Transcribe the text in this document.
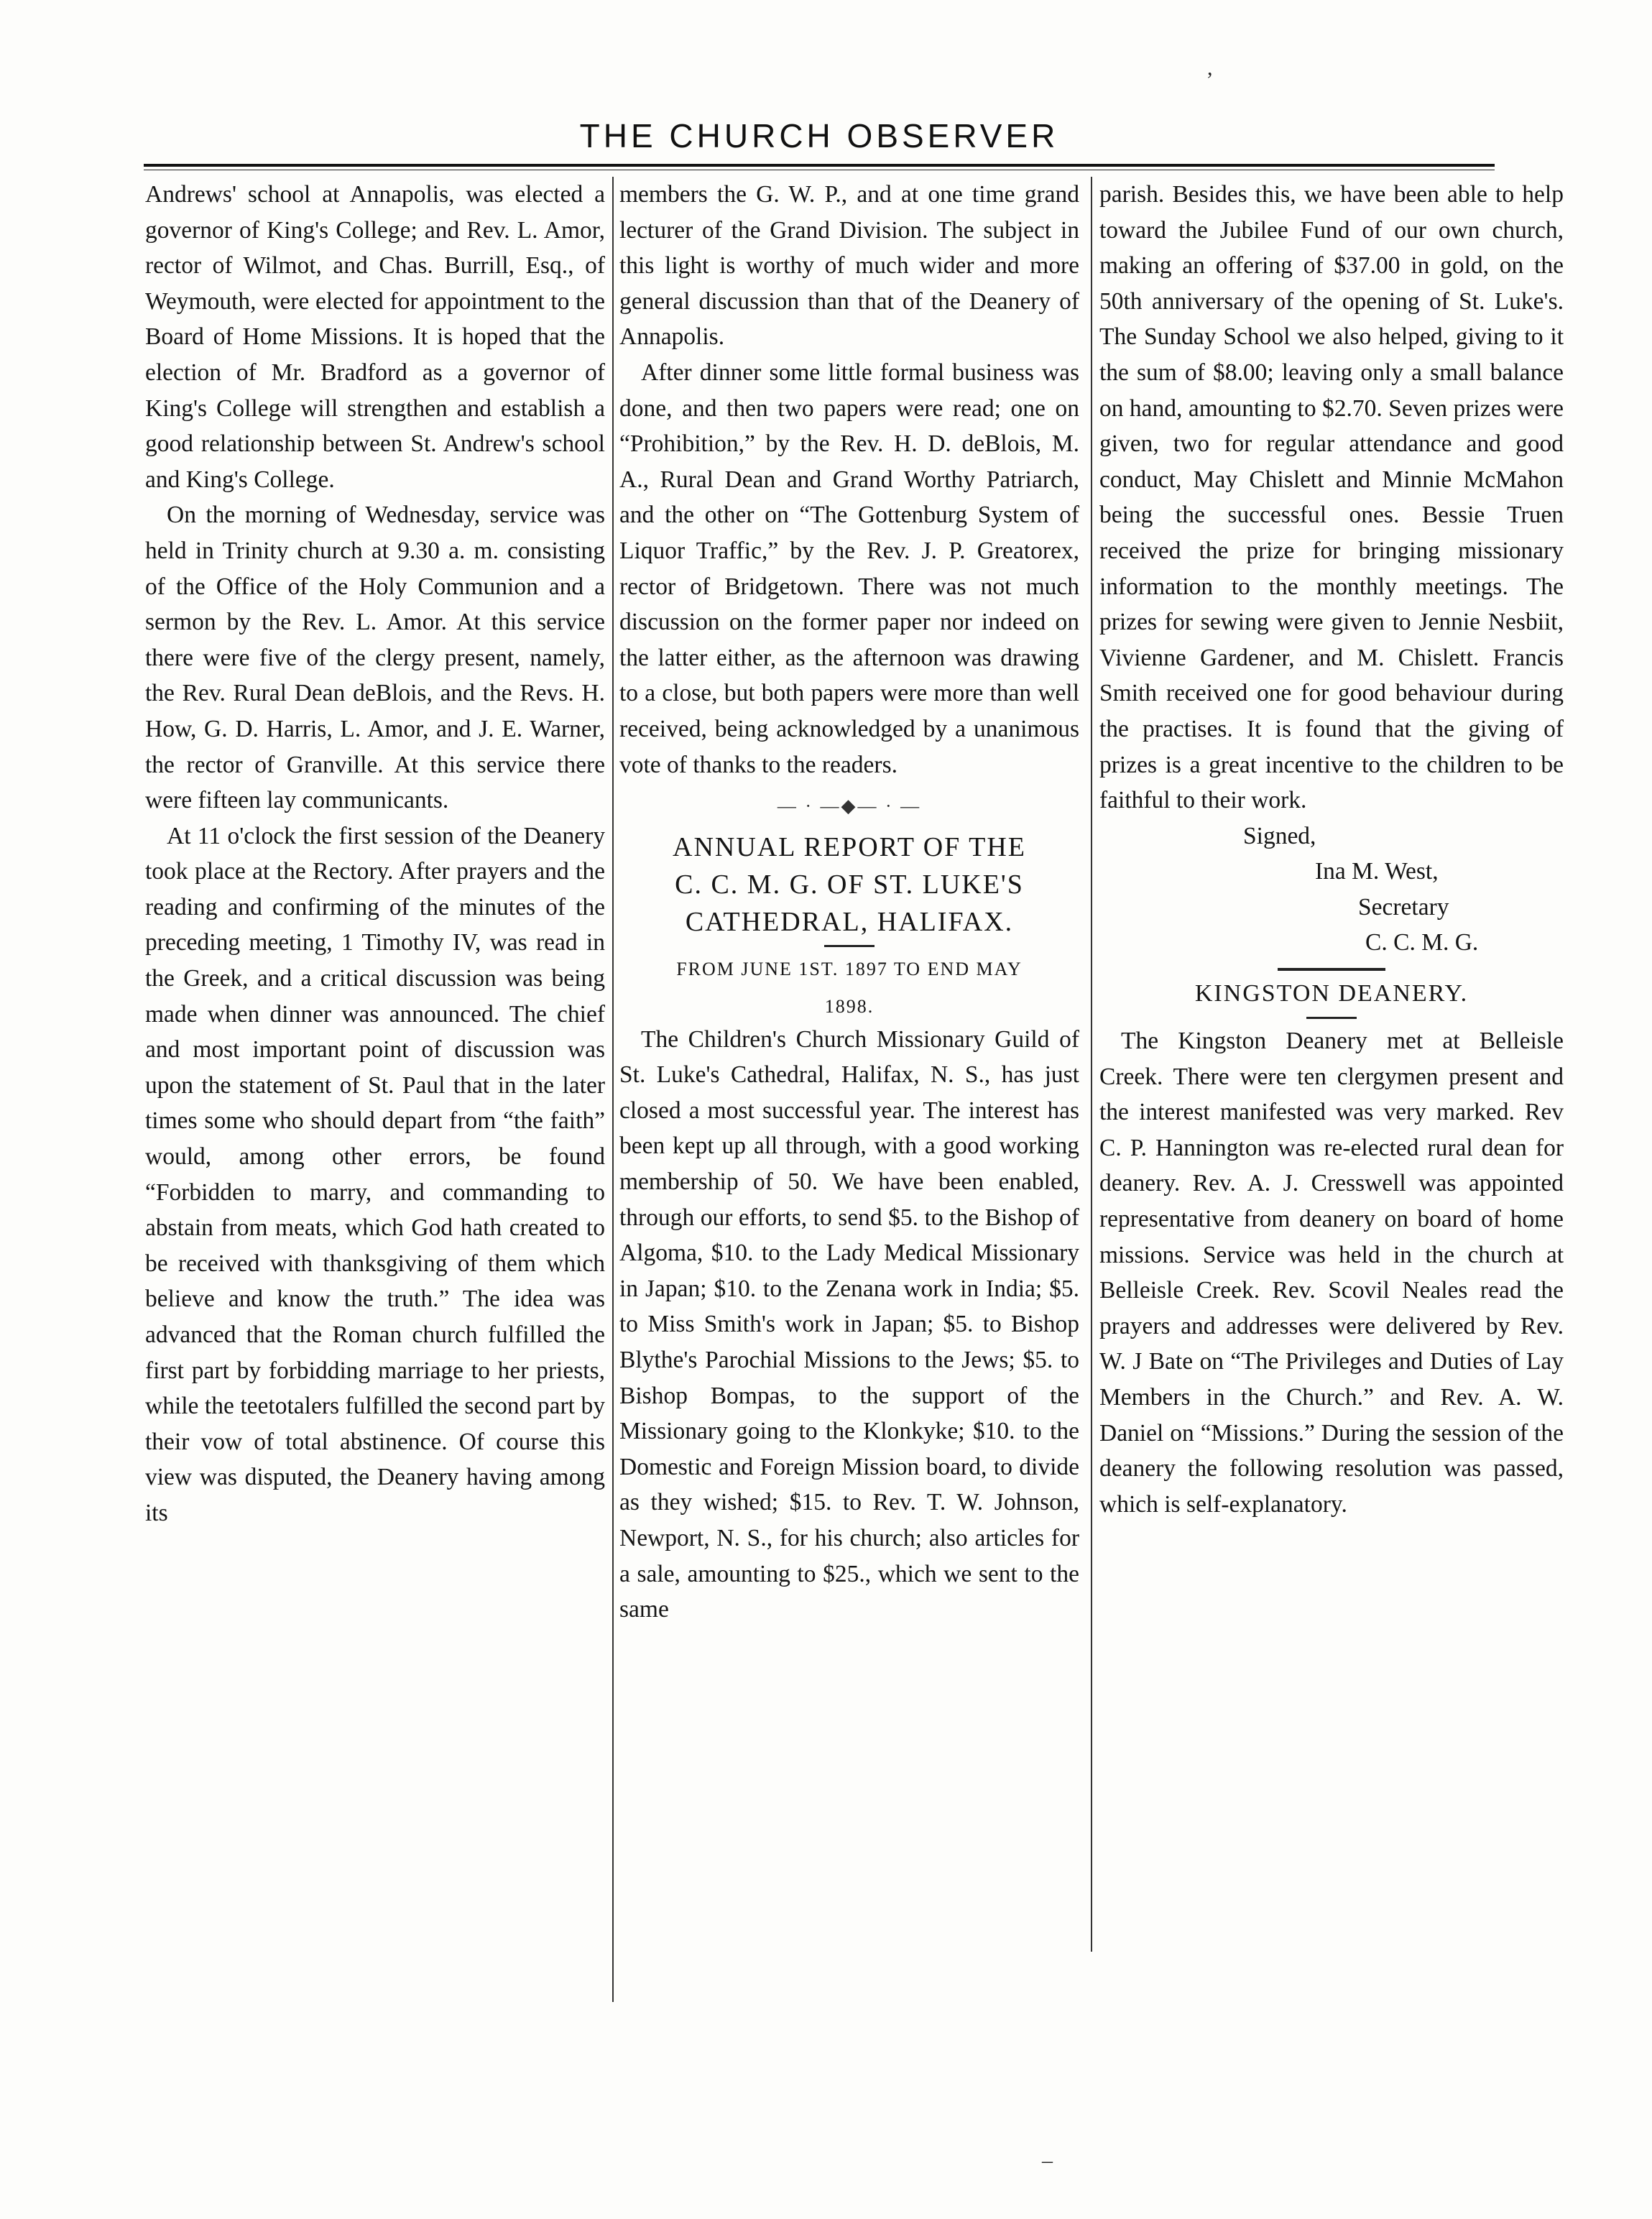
,
THE CHURCH OBSERVER

Andrews' school at Annapolis, was elected a governor of King's College; and Rev. L. Amor, rector of Wilmot, and Chas. Burrill, Esq., of Weymouth, were elected for appointment to the Board of Home Missions. It is hoped that the election of Mr. Bradford as a governor of King's College will strengthen and establish a good relationship between St. Andrew's school and King's College.

On the morning of Wednesday, service was held in Trinity church at 9.30 a. m. consisting of the Office of the Holy Communion and a sermon by the Rev. L. Amor. At this service there were five of the clergy present, namely, the Rev. Rural Dean deBlois, and the Revs. H. How, G. D. Harris, L. Amor, and J. E. Warner, the rector of Granville. At this service there were fifteen lay communicants.

At 11 o'clock the first session of the Deanery took place at the Rectory. After prayers and the reading and confirming of the minutes of the preceding meeting, 1 Timothy IV, was read in the Greek, and a critical discussion was being made when dinner was announced. The chief and most important point of discussion was upon the statement of St. Paul that in the later times some who should depart from “the faith” would, among other errors, be found “Forbidden to marry, and commanding to abstain from meats, which God hath created to be received with thanksgiving of them which believe and know the truth.” The idea was advanced that the Roman church fulfilled the first part by forbidding marriage to her priests, while the teetotalers fulfilled the second part by their vow of total abstinence. Of course this view was disputed, the Deanery having among its

members the G. W. P., and at one time grand lecturer of the Grand Division. The subject in this light is worthy of much wider and more general discussion than that of the Deanery of Annapolis.

After dinner some little formal business was done, and then two papers were read; one on “Prohibition,” by the Rev. H. D. deBlois, M. A., Rural Dean and Grand Worthy Patriarch, and the other on “The Gottenburg System of Liquor Traffic,” by the Rev. J. P. Greatorex, rector of Bridgetown. There was not much discussion on the former paper nor indeed on the latter either, as the afternoon was drawing to a close, but both papers were more than well received, being acknowledged by a unanimous vote of thanks to the readers.

— · —◆— · —
ANNUAL REPORT OF THE
C. C. M. G. OF ST. LUKE'S
CATHEDRAL, HALIFAX.
FROM JUNE 1ST. 1897 TO END MAY
1898.

The Children's Church Missionary Guild of St. Luke's Cathedral, Halifax, N. S., has just closed a most successful year. The interest has been kept up all through, with a good working membership of 50. We have been enabled, through our efforts, to send $5. to the Bishop of Algoma, $10. to the Lady Medical Missionary in Japan; $10. to the Zenana work in India; $5. to Miss Smith's work in Japan; $5. to Bishop Blythe's Parochial Missions to the Jews; $5. to Bishop Bompas, to the support of the Missionary going to the Klonkyke; $10. to the Domestic and Foreign Mission board, to divide as they wished; $15. to Rev. T. W. Johnson, Newport, N. S., for his church; also articles for a sale, amounting to $25., which we sent to the same

parish. Besides this, we have been able to help toward the Jubilee Fund of our own church, making an offering of $37.00 in gold, on the 50th anniversary of the opening of St. Luke's. The Sunday School we also helped, giving to it the sum of $8.00; leaving only a small balance on hand, amounting to $2.70. Seven prizes were given, two for regular attendance and good conduct, May Chislett and Minnie McMahon being the successful ones. Bessie Truen received the prize for bringing missionary information to the monthly meetings. The prizes for sewing were given to Jennie Nesbiit, Vivienne Gardener, and M. Chislett. Francis Smith received one for good behaviour during the practises. It is found that the giving of prizes is a great incentive to the children to be faithful to their work.

Signed,
Ina M. West,
Secretary
C. C. M. G.
KINGSTON DEANERY.

The Kingston Deanery met at Belleisle Creek. There were ten clergymen present and the interest manifested was very marked. Rev C. P. Hannington was re-elected rural dean for deanery. Rev. A. J. Cresswell was appointed representative from deanery on board of home missions. Service was held in the church at Belleisle Creek. Rev. Scovil Neales read the prayers and addresses were delivered by Rev. W. J Bate on “The Privileges and Duties of Lay Members in the Church.” and Rev. A. W. Daniel on “Missions.” During the session of the deanery the following resolution was passed, which is self-explanatory.

–
